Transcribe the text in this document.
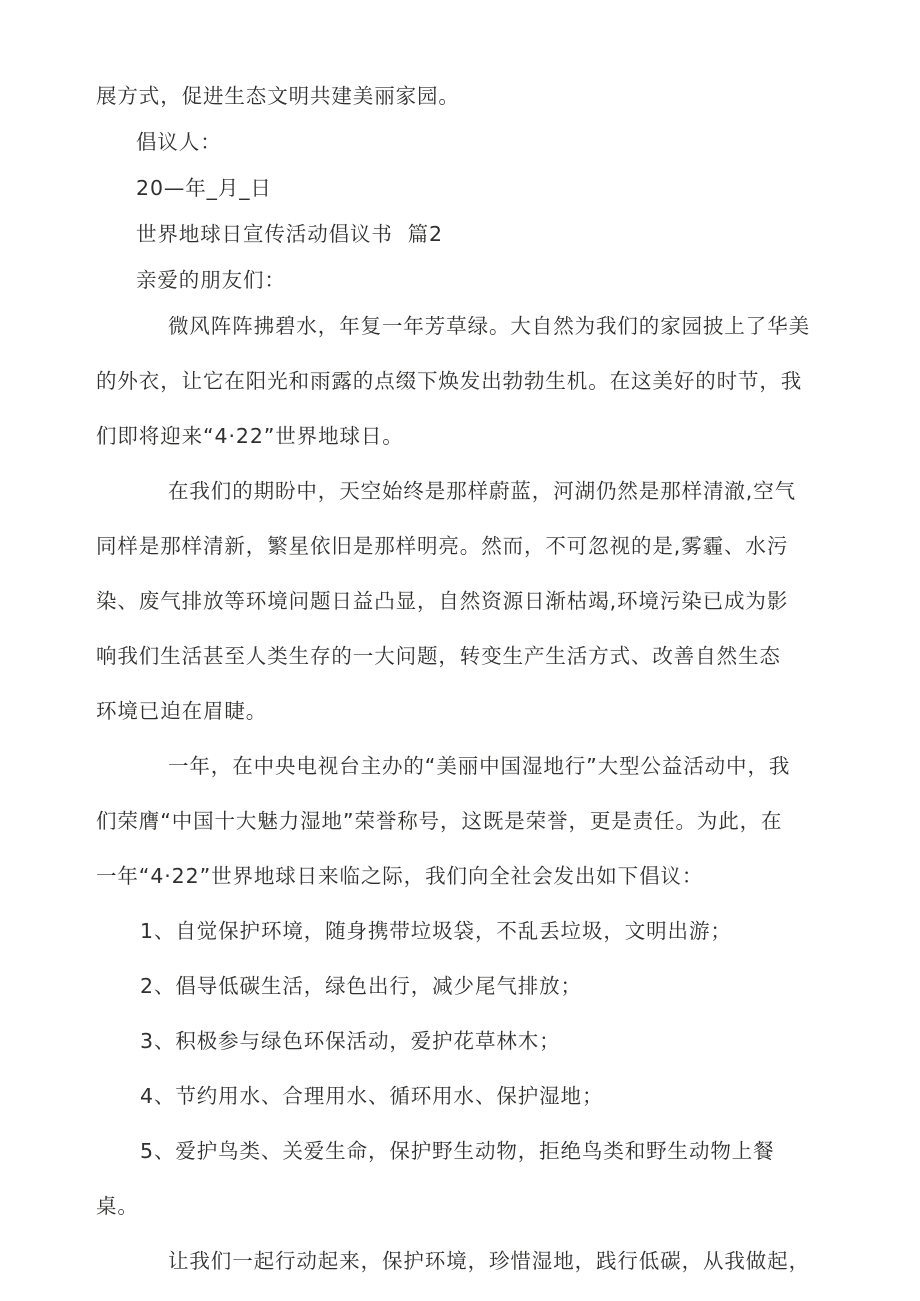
展方式，促进生态文明共建美丽家园。
倡议人：
20—年_月_日
世界地球日宣传活动倡议书  篇2
亲爱的朋友们：
微风阵阵拂碧水，年复一年芳草绿。大自然为我们的家园披上了华美
的外衣，让它在阳光和雨露的点缀下焕发出勃勃生机。在这美好的时节，我
们即将迎来“4·22”世界地球日。
在我们的期盼中，天空始终是那样蔚蓝，河湖仍然是那样清澈,空气
同样是那样清新，繁星依旧是那样明亮。然而，不可忽视的是,雾霾、水污
染、废气排放等环境问题日益凸显，自然资源日渐枯竭,环境污染已成为影
响我们生活甚至人类生存的一大问题，转变生产生活方式、改善自然生态
环境已迫在眉睫。
一年，在中央电视台主办的“美丽中国湿地行”大型公益活动中，我
们荣膺“中国十大魅力湿地”荣誉称号，这既是荣誉，更是责任。为此，在
一年“4·22”世界地球日来临之际，我们向全社会发出如下倡议：
1、自觉保护环境，随身携带垃圾袋，不乱丢垃圾，文明出游；
2、倡导低碳生活，绿色出行，减少尾气排放；
3、积极参与绿色环保活动，爱护花草林木；
4、节约用水、合理用水、循环用水、保护湿地；
5、爱护鸟类、关爱生命，保护野生动物，拒绝鸟类和野生动物上餐
桌。
让我们一起行动起来，保护环境，珍惜湿地，践行低碳，从我做起，
